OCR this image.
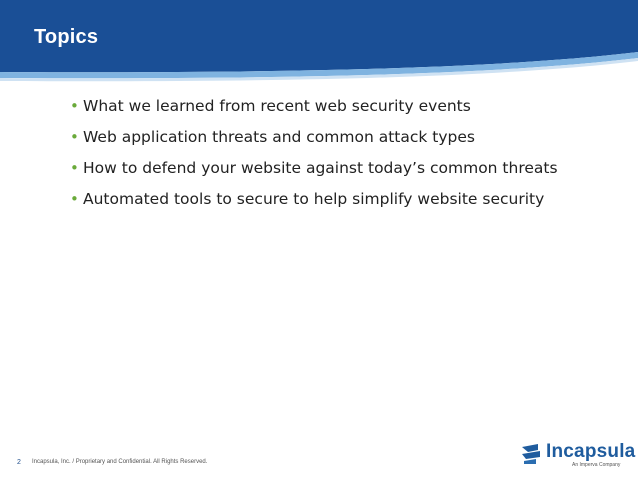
Topics
• What we learned from recent web security events
• Web application threats and common attack types
• How to defend your website against today’s common threats
• Automated tools to secure to help simplify website security
2 Incapsula, Inc. / Proprietary and Confidential. All Rights Reserved.	Incapsula
An Imperva Company
